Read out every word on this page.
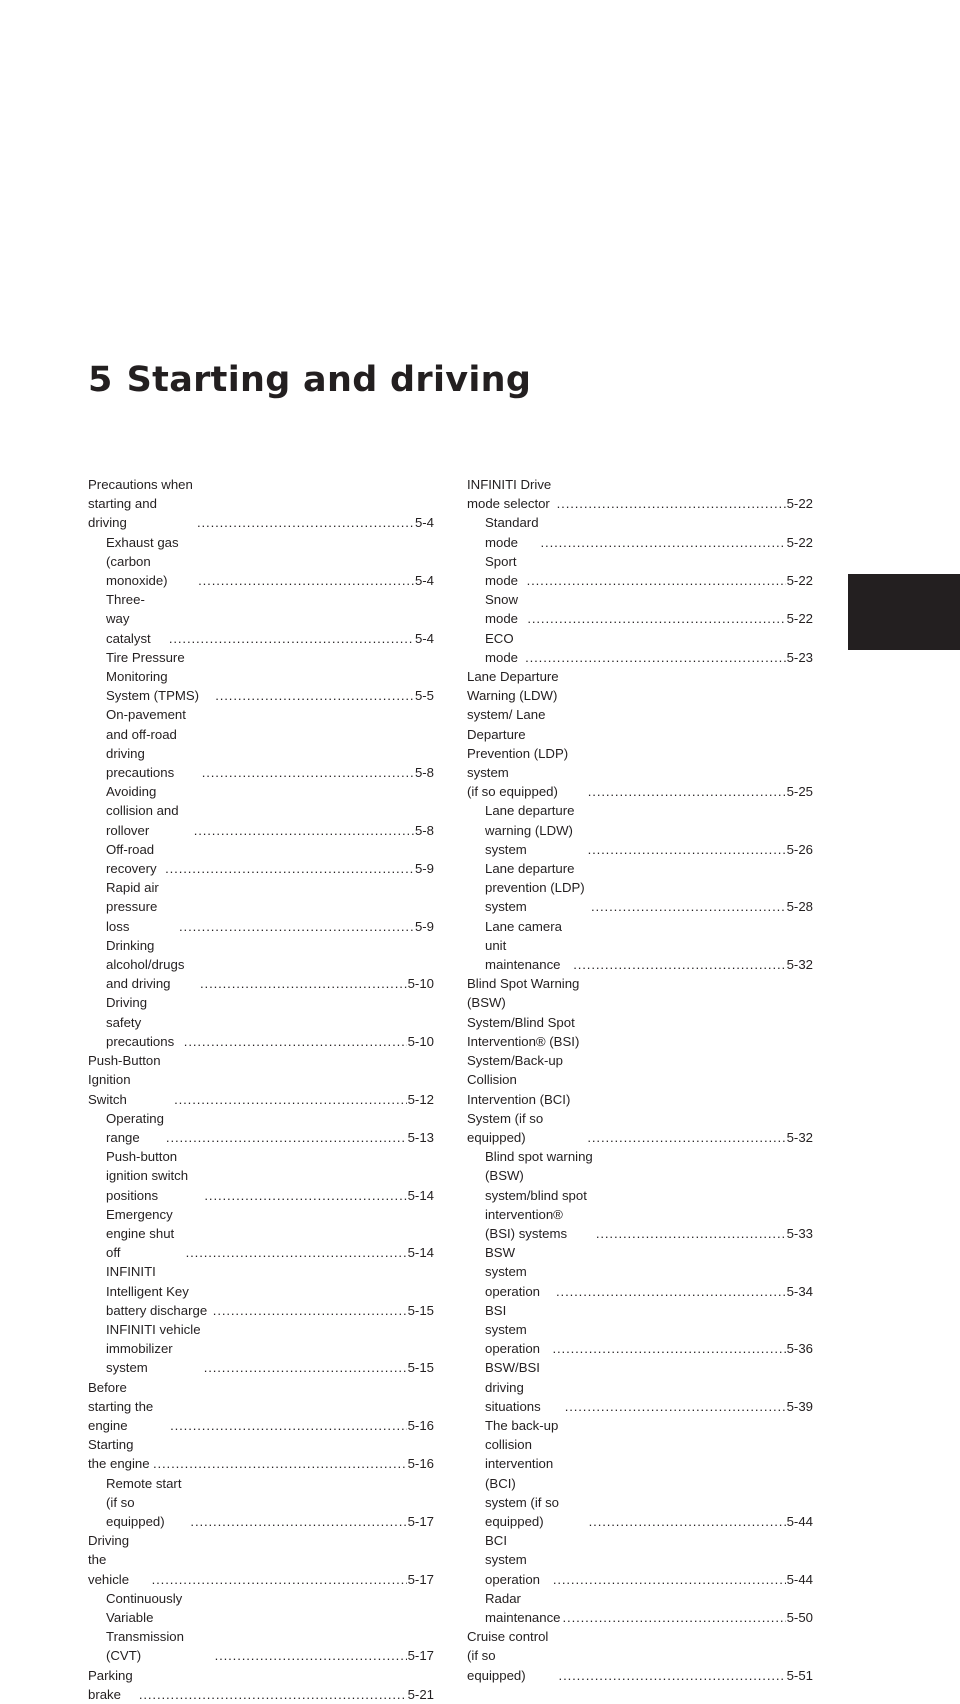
5 Starting and driving
Precautions when starting and driving . . .	5-4
Exhaust gas (carbon monoxide) . . .	5-4
Three-way catalyst . . .	5-4
Tire Pressure Monitoring System (TPMS) . . .	5-5
On-pavement and off-road driving
precautions . . .	5-8
Avoiding collision and rollover . . .	5-8
Off-road recovery . . .	5-9
Rapid air pressure loss . . .	5-9
Drinking alcohol/drugs and driving . . .	5-10
Driving safety precautions . . .	5-10
Push-Button Ignition Switch . . .	5-12
Operating range . . .	5-13
Push-button ignition switch positions . . .	5-14
Emergency engine shut off . . .	5-14
INFINITI Intelligent Key battery discharge . . .	5-15
INFINITI vehicle immobilizer system . . .	5-15
Before starting the engine . . .	5-16
Starting the engine . . .	5-16
Remote start (if so equipped) . . .	5-17
Driving the vehicle . . .	5-17
Continuously Variable Transmission (CVT) . . .	5-17
Parking brake . . .	5-21
INFINITI Drive mode selector . . .	5-22
Standard mode . . .	5-22
Sport mode . . .	5-22
Snow mode . . .	5-22
ECO mode . . .	5-23
Lane Departure Warning (LDW) system/ Lane
Departure Prevention (LDP) system
(if so equipped) . . .	5-25
Lane departure warning (LDW) system . . .	5-26
Lane departure prevention (LDP) system . . .	5-28
Lane camera unit maintenance . . .	5-32
Blind Spot Warning (BSW) System/Blind Spot
Intervention® (BSI) System/Back-up Collision
Intervention (BCI) System (if so equipped) . . .	5-32
Blind spot warning (BSW) system/blind spot
intervention® (BSI) systems . . .	5-33
BSW system operation . . .	5-34
BSI system operation . . .	5-36
BSW/BSI driving situations . . .	5-39
The back-up collision intervention (BCI)
system (if so equipped) . . .	5-44
BCI system operation . . .	5-44
Radar maintenance . . .	5-50
Cruise control (if so equipped) . . .	5-51
